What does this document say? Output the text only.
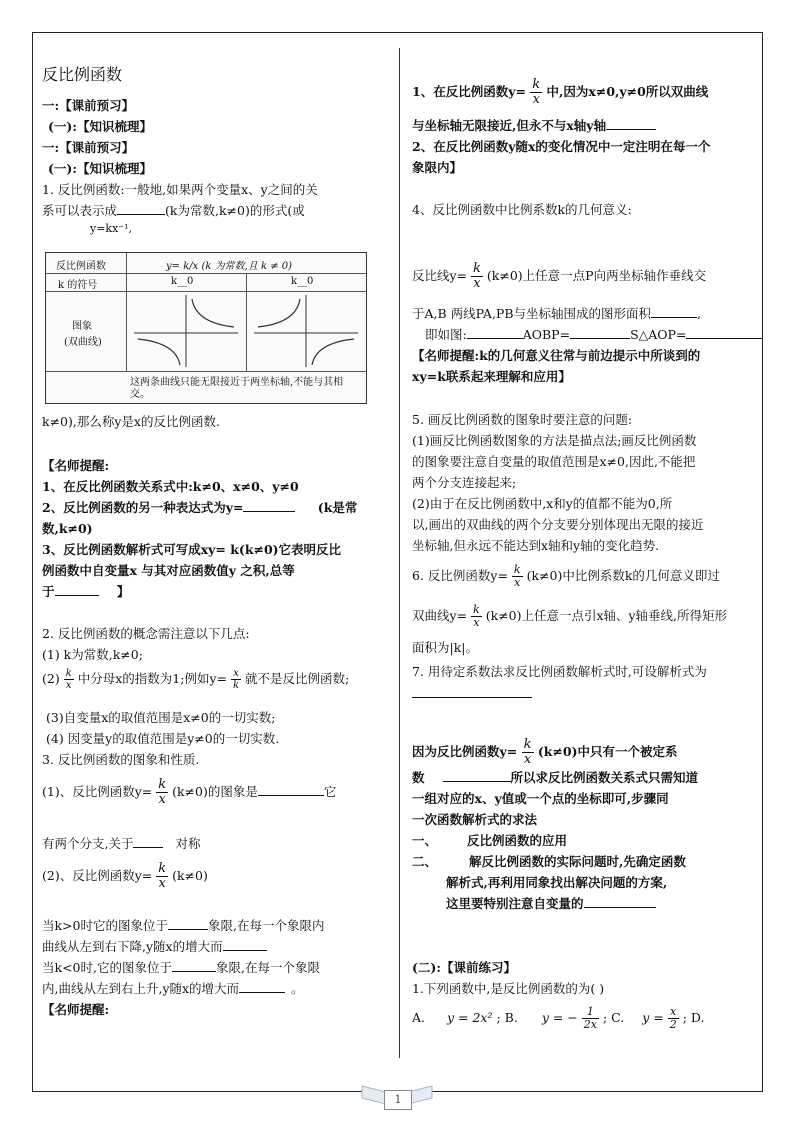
反比例函数
一:【课前预习】
(一):【知识梳理】
一:【课前预习】
(一):【知识梳理】
1. 反比例函数:一般地,如果两个变量x、y之间的关
系可以表示成	(k为常数,k≠0)的形式(或
y=kx⁻¹,
反比例函数	y= k/x (k 为常数,且 k ≠ 0)
k 的符号	k__0	k__0
图象
(双曲线)
这两条曲线只能无限接近于两坐标轴,不能与其相交。
k≠0),那么称y是x的反比例函数.
【名师提醒:
1、在反比例函数关系式中:k≠0、x≠0、y≠0
2、反比例函数的另一种表达式为y=	(k是常
数,k≠0)
3、反比例函数解析式可写成xy= k(k≠0)它表明反比
例函数中自变量x 与其对应函数值y 之积,总等
于	】
2. 反比例函数的概念需注意以下几点:
(1) k为常数,k≠0;
$(2) \frac{k}{x}$ 中分母x的指数为1;例如$y= \frac{x}{k}$ 就不是反比例函数;
(3)自变量x的取值范围是x≠0的一切实数;
(4) 因变量y的取值范围是y≠0的一切实数.
3. 反比例函数的图象和性质.
(1)、反比例函数$y= \frac{k}{x} (k\ne 0)$的图象是	它
有两个分支,关于	对称
(2)、反比例函数$y= \frac{k}{x} (k\ne 0)$
当k>0时它的图象位于	象限,在每一个象限内
曲线从左到右下降,y随x的增大而
当k<0时,它的图象位于	象限,在每一个象限
内,曲线从左到右上升,y随x的增大而	。
【名师提醒:
1、在反比例函数$y= \frac{k}{x}$ 中,因为x≠0,y≠0所以双曲线
与坐标轴无限接近,但永不与x轴y轴
2、在反比例函数y随x的变化情况中一定注明在每一个
象限内】
4、反比例函数中比例系数k的几何意义:
反比线$y= \frac{k}{x} (k\ne 0)$上任意一点P向两坐标轴作垂线交
于A,B 两线PA,PB与坐标轴围成的图形面积	,
即如图:	AOBP=	S△AOP=
【名师提醒:k的几何意义往常与前边提示中所谈到的
xy=k联系起来理解和应用】
5. 画反比例函数的图象时要注意的问题:
(1)画反比例函数图象的方法是描点法;画反比例函数
的图象要注意自变量的取值范围是x≠0,因此,不能把
两个分支连接起来;
(2)由于在反比例函数中,x和y的值都不能为0,所
以,画出的双曲线的两个分支要分别体现出无限的接近
坐标轴,但永远不能达到x轴和y轴的变化趋势.
6. 反比例函数$y= \frac{k}{x} (k\ne 0)$中比例系数k的几何意义即过
双曲线$y= \frac{k}{x} (k\ne 0)$上任意一点引x轴、y轴垂线,所得矩形
面积为|k|。
7. 用待定系数法求反比例函数解析式时,可设解析式为
因为反比例函数$y= \frac{k}{x} (k\ne 0)$中只有一个被定系
数	所以求反比例函数关系式只需知道
一组对应的x、y值或一个点的坐标即可,步骤同
一次函数解析式的求法
一、 反比例函数的应用
二、	解反比例函数的实际问题时,先确定函数
解析式,再利用同象找出解决问题的方案,
这里要特别注意自变量的
(二):【课前练习】
1.下列函数中,是反比例函数的为( )
A. y = 2x² ; B. y = − $\frac{1}{2x}$ ; C. $y = \frac{x}{2}$ ; D.
1
